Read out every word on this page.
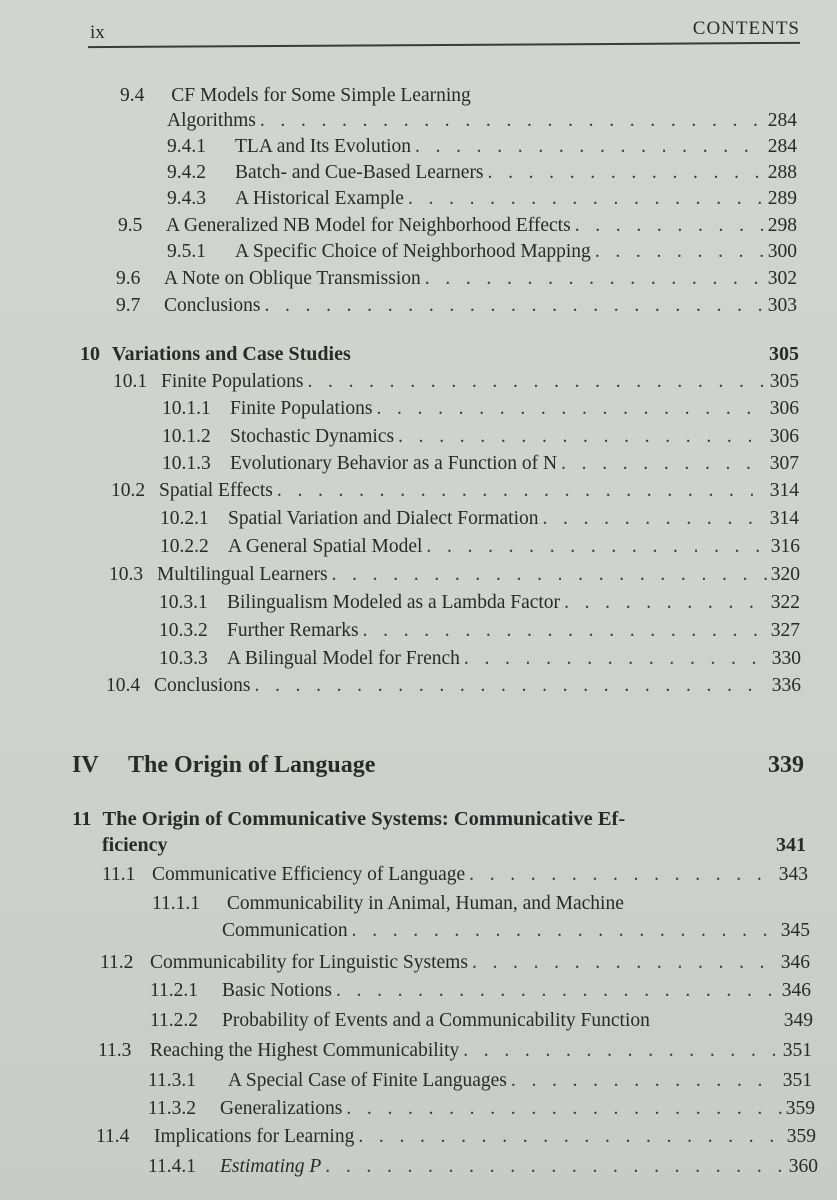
ix	CONTENTS
9.4 CF Models for Some Simple Learning
Algorithms . . .	284
9.4.1	TLA and Its Evolution . . .	284
9.4.2	Batch- and Cue-Based Learners . . .	288
9.4.3	A Historical Example . . .	289
9.5	A Generalized NB Model for Neighborhood Effects . . .	298
9.5.1	A Specific Choice of Neighborhood Mapping . . .	300
9.6	A Note on Oblique Transmission . . .	302
9.7	Conclusions . . .	303
10 Variations and Case Studies	305
10.1 Finite Populations . . .	305
10.1.1 Finite Populations . . .	306
10.1.2 Stochastic Dynamics . . .	306
10.1.3 Evolutionary Behavior as a Function of N . . .	307
10.2 Spatial Effects . . .	314
10.2.1 Spatial Variation and Dialect Formation . . .	314
10.2.2 A General Spatial Model . . .	316
10.3 Multilingual Learners . . .	320
10.3.1 Bilingualism Modeled as a Lambda Factor . . .	322
10.3.2 Further Remarks . . .	327
10.3.3 A Bilingual Model for French . . .	330
10.4 Conclusions . . .	336
IV	The Origin of Language	339
11 The Origin of Communicative Systems: Communicative Ef-
ficiency	341
11.1 Communicative Efficiency of Language . . .	343
11.1.1 Communicability in Animal, Human, and Machine
Communication . . .	345
11.2 Communicability for Linguistic Systems . . .	346
11.2.1	Basic Notions . . .	346
11.2.2	Probability of Events and a Communicability Function	349
11.3 Reaching the Highest Communicability . . .	351
11.3.1	A Special Case of Finite Languages . . .	351
11.3.2	Generalizations . . .	359
11.4	Implications for Learning . . .	359
11.4.1	Estimating P . . .	360
